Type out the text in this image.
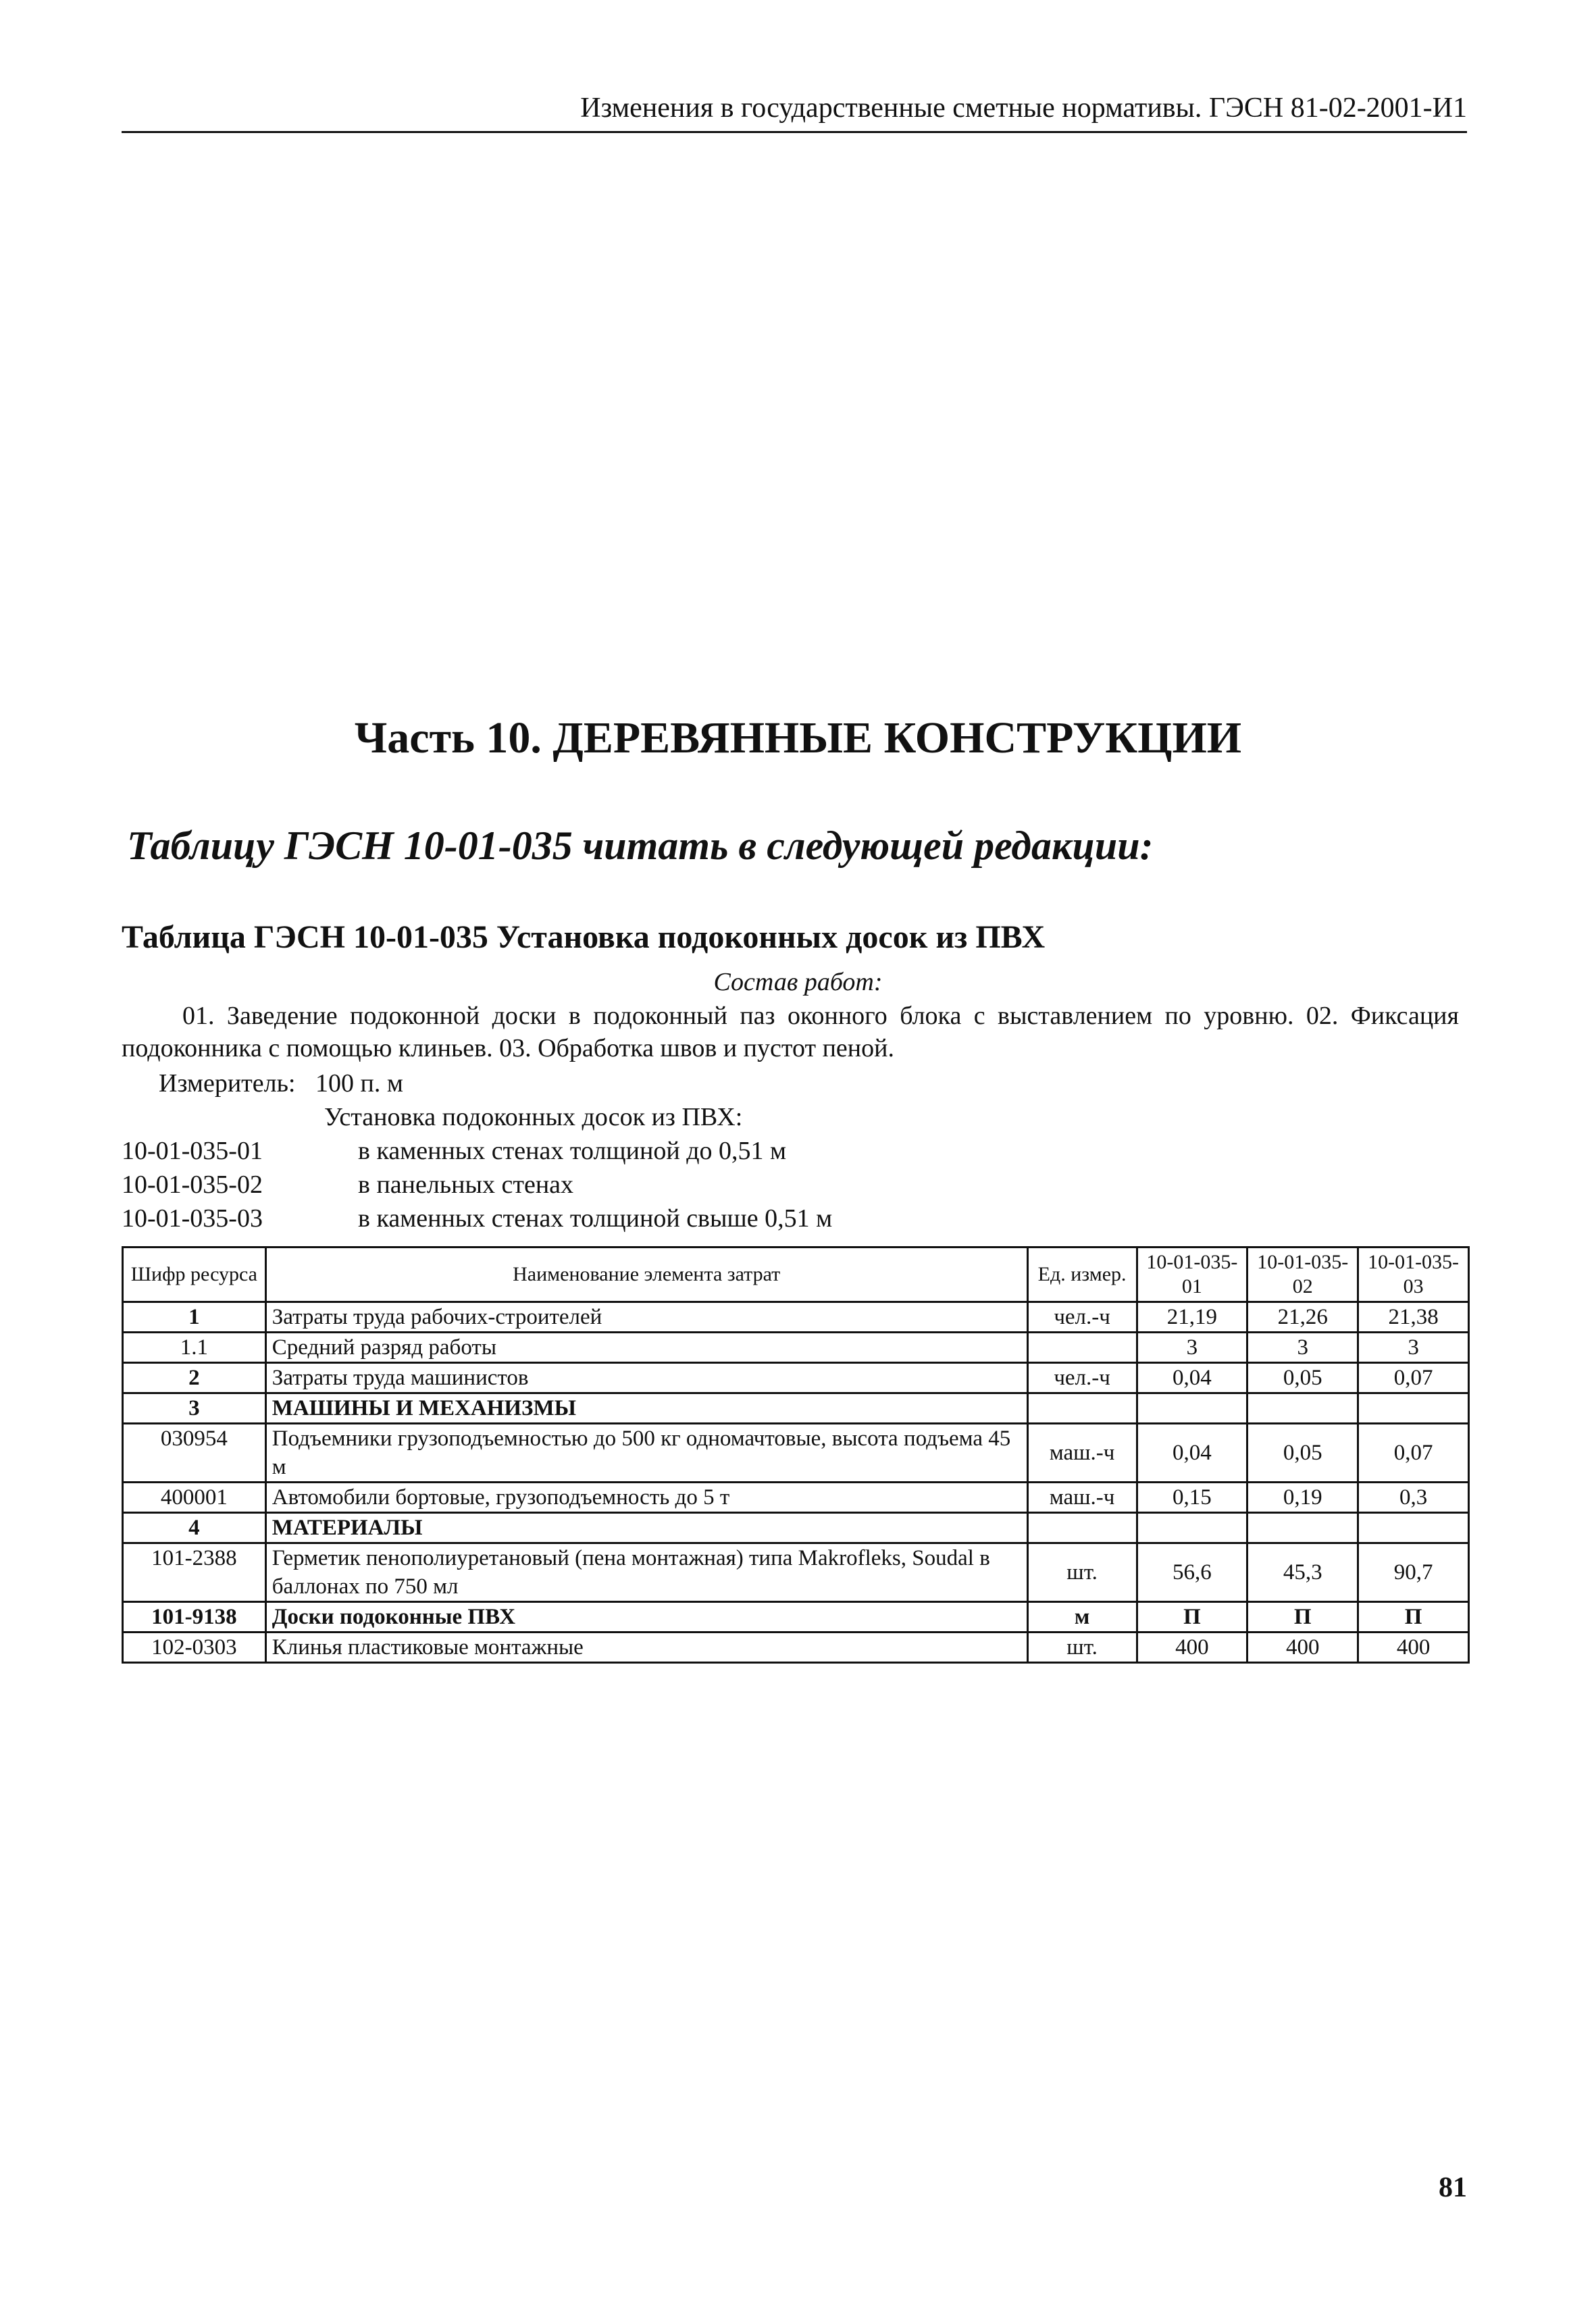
Изменения в государственные сметные нормативы. ГЭСН 81-02-2001-И1
Часть 10. ДЕРЕВЯННЫЕ КОНСТРУКЦИИ
Таблицу ГЭСН 10-01-035 читать в следующей редакции:
Таблица ГЭСН 10-01-035 Установка подоконных досок из ПВХ
Состав работ:
01. Заведение подоконной доски в подоконный паз оконного блока с выставлением по уровню. 02. Фиксация подоконника с помощью клиньев. 03. Обработка швов и пустот пеной.
Измеритель: 100 п. м
Установка подоконных досок из ПВХ:
10-01-035-01	в каменных стенах толщиной до 0,51 м
10-01-035-02	в панельных стенах
10-01-035-03	в каменных стенах толщиной свыше 0,51 м
Шифр ресурса	Наименование элемента затрат	Ед. измер.	10-01-035-01	10-01-035-02	10-01-035-03
1	Затраты труда рабочих-строителей	чел.-ч	21,19	21,26	21,38
1.1	Средний разряд работы		3	3	3
2	Затраты труда машинистов	чел.-ч	0,04	0,05	0,07
3	МАШИНЫ И МЕХАНИЗМЫ				
030954	Подъемники грузоподъемностью до 500 кг одномачтовые, высота подъема 45 м	маш.-ч	0,04	0,05	0,07
400001	Автомобили бортовые, грузоподъемность до 5 т	маш.-ч	0,15	0,19	0,3
4	МАТЕРИАЛЫ				
101-2388	Герметик пенополиуретановый (пена монтажная) типа Makroflеks, Soudal в баллонах по 750 мл	шт.	56,6	45,3	90,7
101-9138	Доски подоконные ПВХ	м	П	П	П
102-0303	Клинья пластиковые монтажные	шт.	400	400	400
81
